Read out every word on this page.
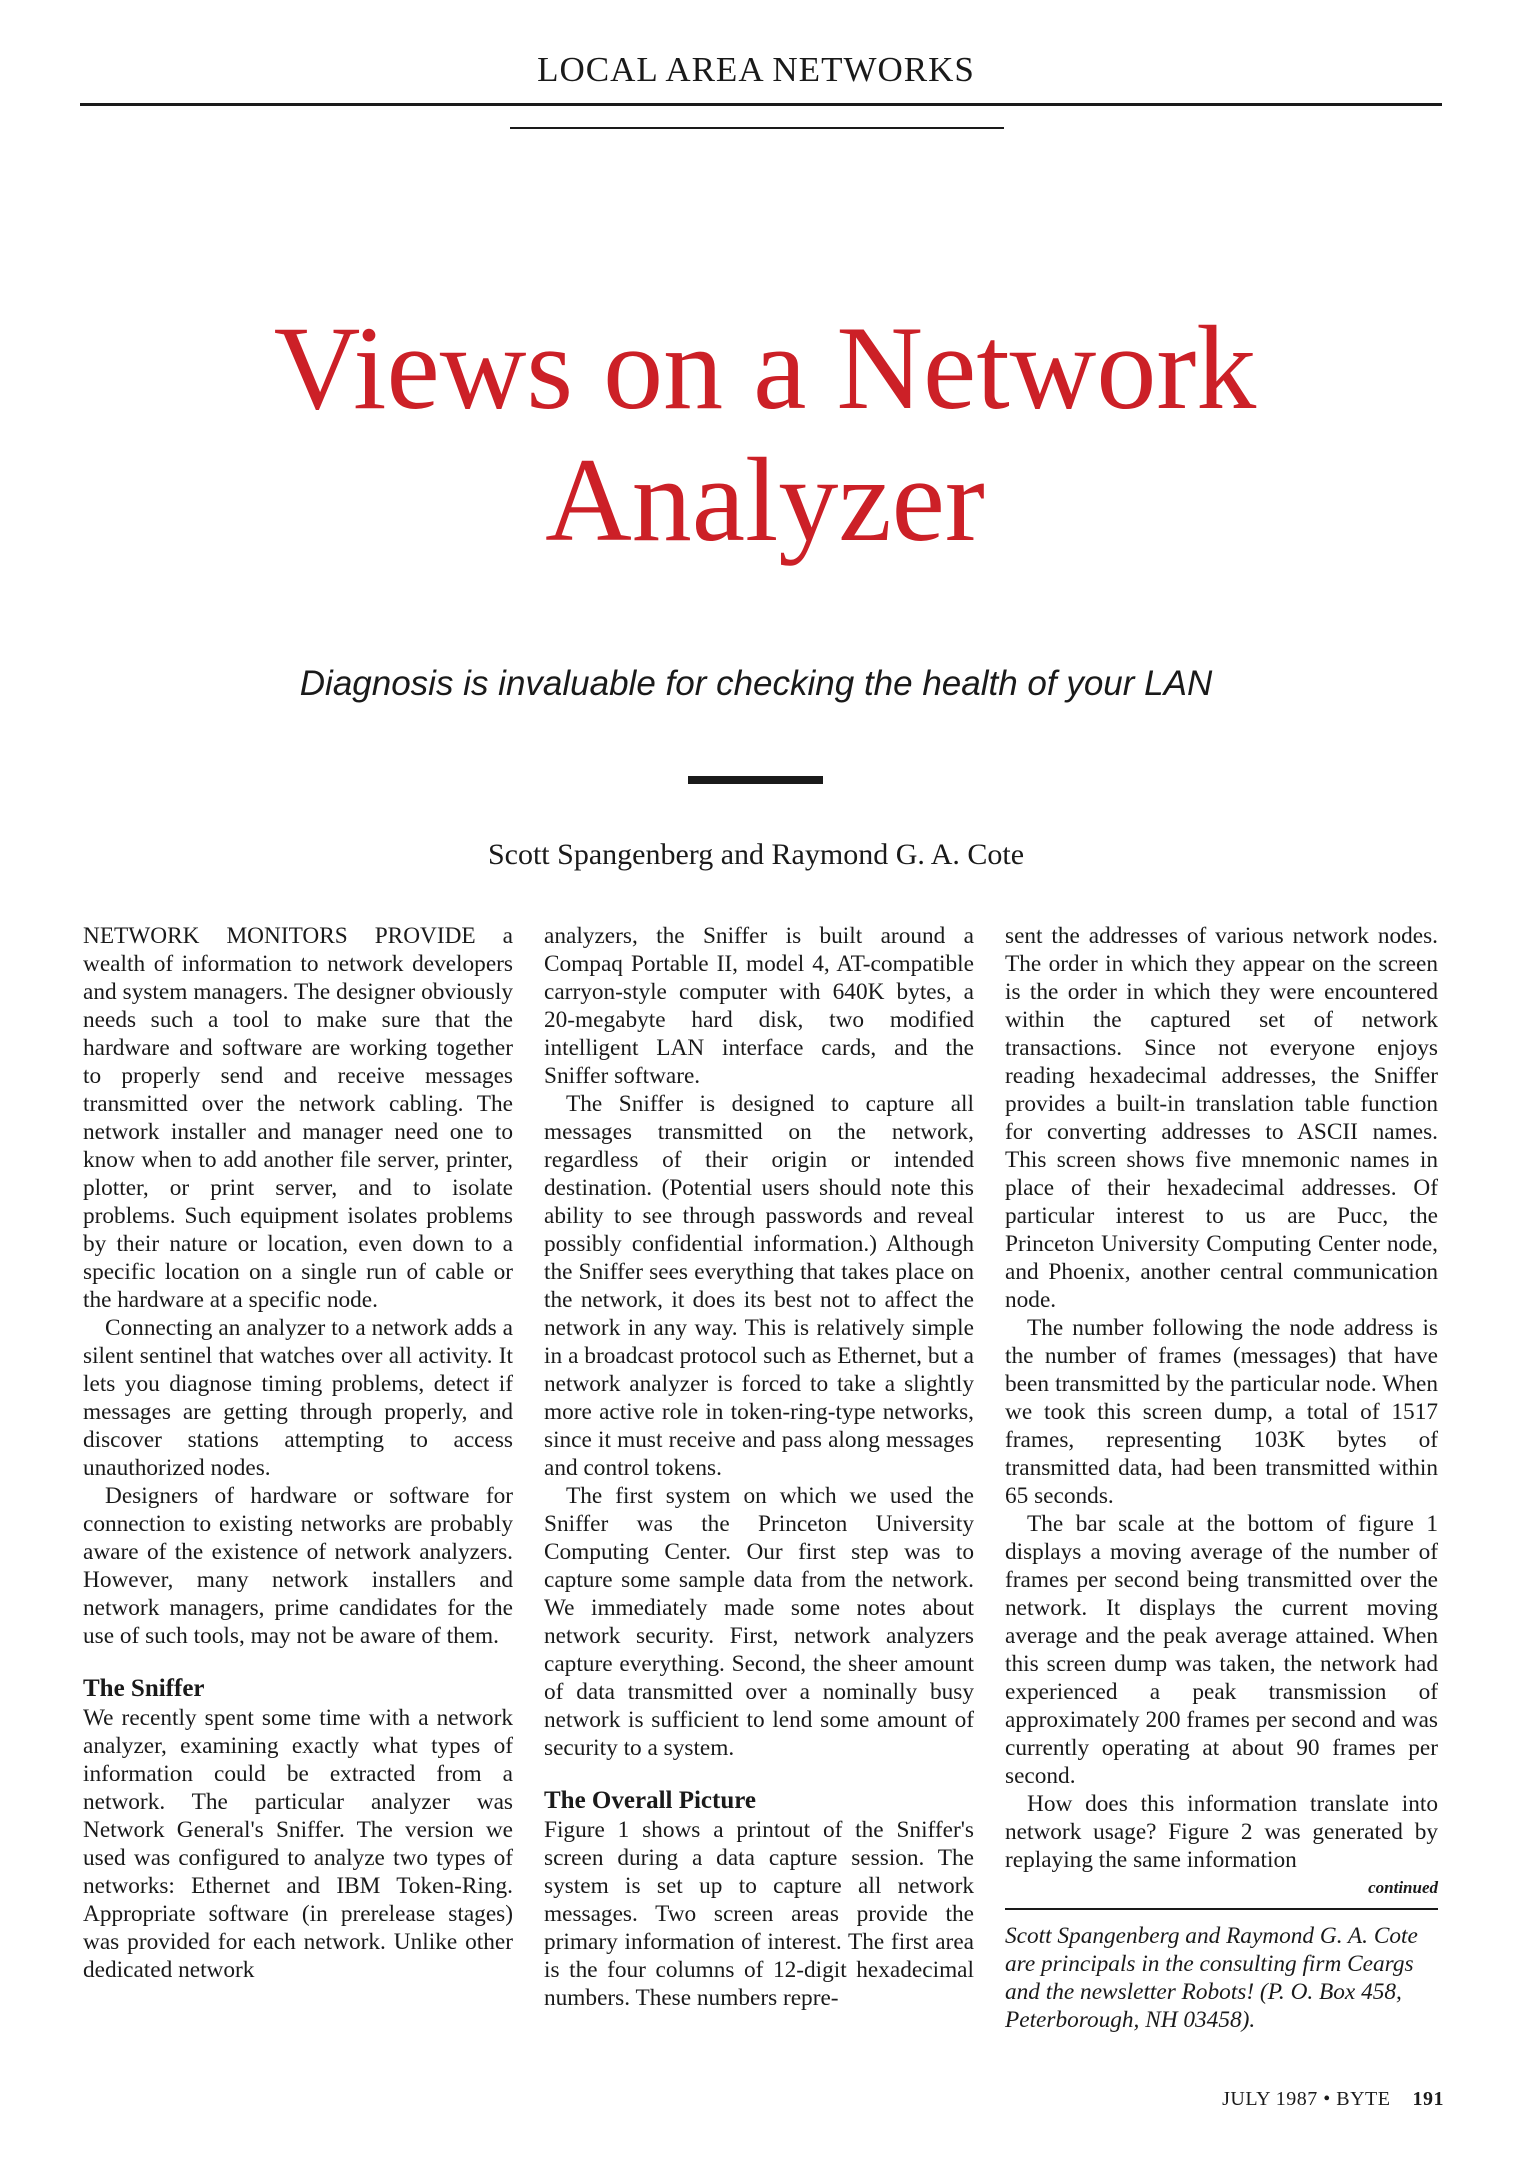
LOCAL AREA NETWORKS
Views on a Network
Analyzer
Diagnosis is invaluable for checking the health of your LAN
Scott Spangenberg and Raymond G. A. Cote

NETWORK MONITORS PROVIDE a wealth of information to network developers and system managers. The designer obviously needs such a tool to make sure that the hardware and software are working together to properly send and receive messages transmitted over the network cabling. The network installer and manager need one to know when to add another file server, printer, plotter, or print server, and to isolate problems. Such equipment isolates problems by their nature or location, even down to a specific location on a single run of cable or the hardware at a specific node.

Connecting an analyzer to a network adds a silent sentinel that watches over all activity. It lets you diagnose timing problems, detect if messages are getting through properly, and discover stations attempting to access unauthorized nodes.

Designers of hardware or software for connection to existing networks are probably aware of the existence of network analyzers. However, many network installers and network managers, prime candidates for the use of such tools, may not be aware of them.

The Sniffer

We recently spent some time with a network analyzer, examining exactly what types of information could be extracted from a network. The particular analyzer was Network General's Sniffer. The version we used was configured to analyze two types of networks: Ethernet and IBM Token-Ring. Appropriate software (in prerelease stages) was provided for each network. Unlike other dedicated network

analyzers, the Sniffer is built around a Compaq Portable II, model 4, AT-compatible carryon-style computer with 640K bytes, a 20-megabyte hard disk, two modified intelligent LAN interface cards, and the Sniffer software.

The Sniffer is designed to capture all messages transmitted on the network, regardless of their origin or intended destination. (Potential users should note this ability to see through passwords and reveal possibly confidential information.) Although the Sniffer sees everything that takes place on the network, it does its best not to affect the network in any way. This is relatively simple in a broadcast protocol such as Ethernet, but a network analyzer is forced to take a slightly more active role in token-ring-type networks, since it must receive and pass along messages and control tokens.

The first system on which we used the Sniffer was the Princeton University Computing Center. Our first step was to capture some sample data from the network. We immediately made some notes about network security. First, network analyzers capture everything. Second, the sheer amount of data transmitted over a nominally busy network is sufficient to lend some amount of security to a system.

The Overall Picture

Figure 1 shows a printout of the Sniffer's screen during a data capture session. The system is set up to capture all network messages. Two screen areas provide the primary information of interest. The first area is the four columns of 12-digit hexadecimal numbers. These numbers repre-

sent the addresses of various network nodes. The order in which they appear on the screen is the order in which they were encountered within the captured set of network transactions. Since not everyone enjoys reading hexadecimal addresses, the Sniffer provides a built-in translation table function for converting addresses to ASCII names. This screen shows five mnemonic names in place of their hexadecimal addresses. Of particular interest to us are Pucc, the Princeton University Computing Center node, and Phoenix, another central communication node.

The number following the node address is the number of frames (messages) that have been transmitted by the particular node. When we took this screen dump, a total of 1517 frames, representing 103K bytes of transmitted data, had been transmitted within 65 seconds.

The bar scale at the bottom of figure 1 displays a moving average of the number of frames per second being transmitted over the network. It displays the current moving average and the peak average attained. When this screen dump was taken, the network had experienced a peak transmission of approximately 200 frames per second and was currently operating at about 90 frames per second.

How does this information translate into network usage? Figure 2 was generated by replaying the same information

continued

Scott Spangenberg and Raymond G. A. Cote are principals in the consulting firm Ceargs and the newsletter Robots! (P. O. Box 458, Peterborough, NH 03458).

JULY 1987 • BYTE 191
